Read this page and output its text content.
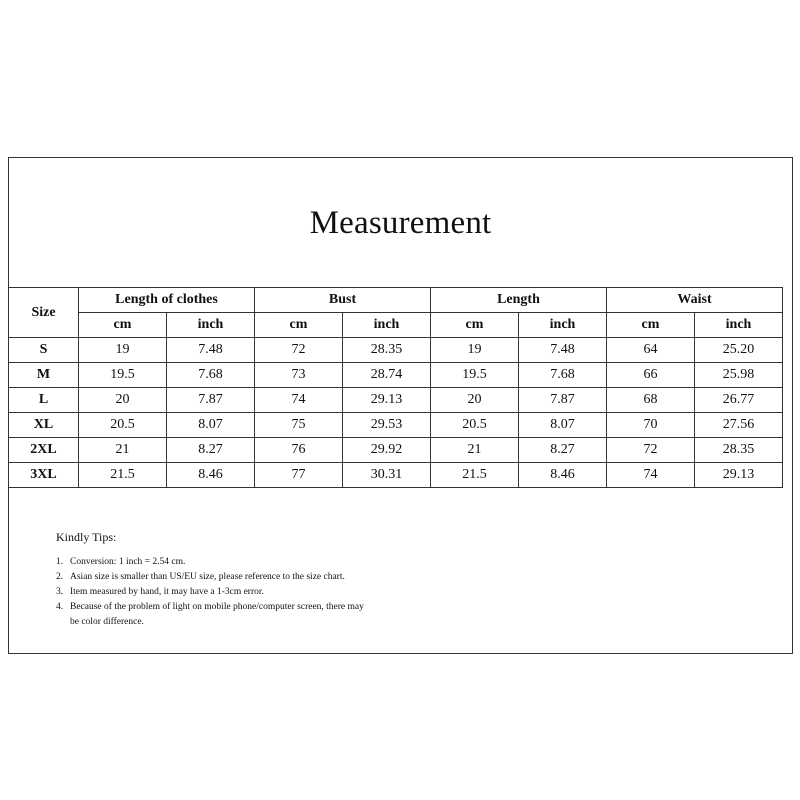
Measurement
Size	Length of clothes		Bust		Length		Waist	
	cm	inch	cm	inch	cm	inch	cm	inch
S	19	7.48	72	28.35	19	7.48	64	25.20
M	19.5	7.68	73	28.74	19.5	7.68	66	25.98
L	20	7.87	74	29.13	20	7.87	68	26.77
XL	20.5	8.07	75	29.53	20.5	8.07	70	27.56
2XL	21	8.27	76	29.92	21	8.27	72	28.35
3XL	21.5	8.46	77	30.31	21.5	8.46	74	29.13
Kindly Tips:
1. Conversion: 1 inch = 2.54 cm.
2. Asian size is smaller than US/EU size, please reference to the size chart.
3. Item measured by hand, it may have a 1-3cm error.
4. Because of the problem of light on mobile phone/computer screen, there may be color difference.
